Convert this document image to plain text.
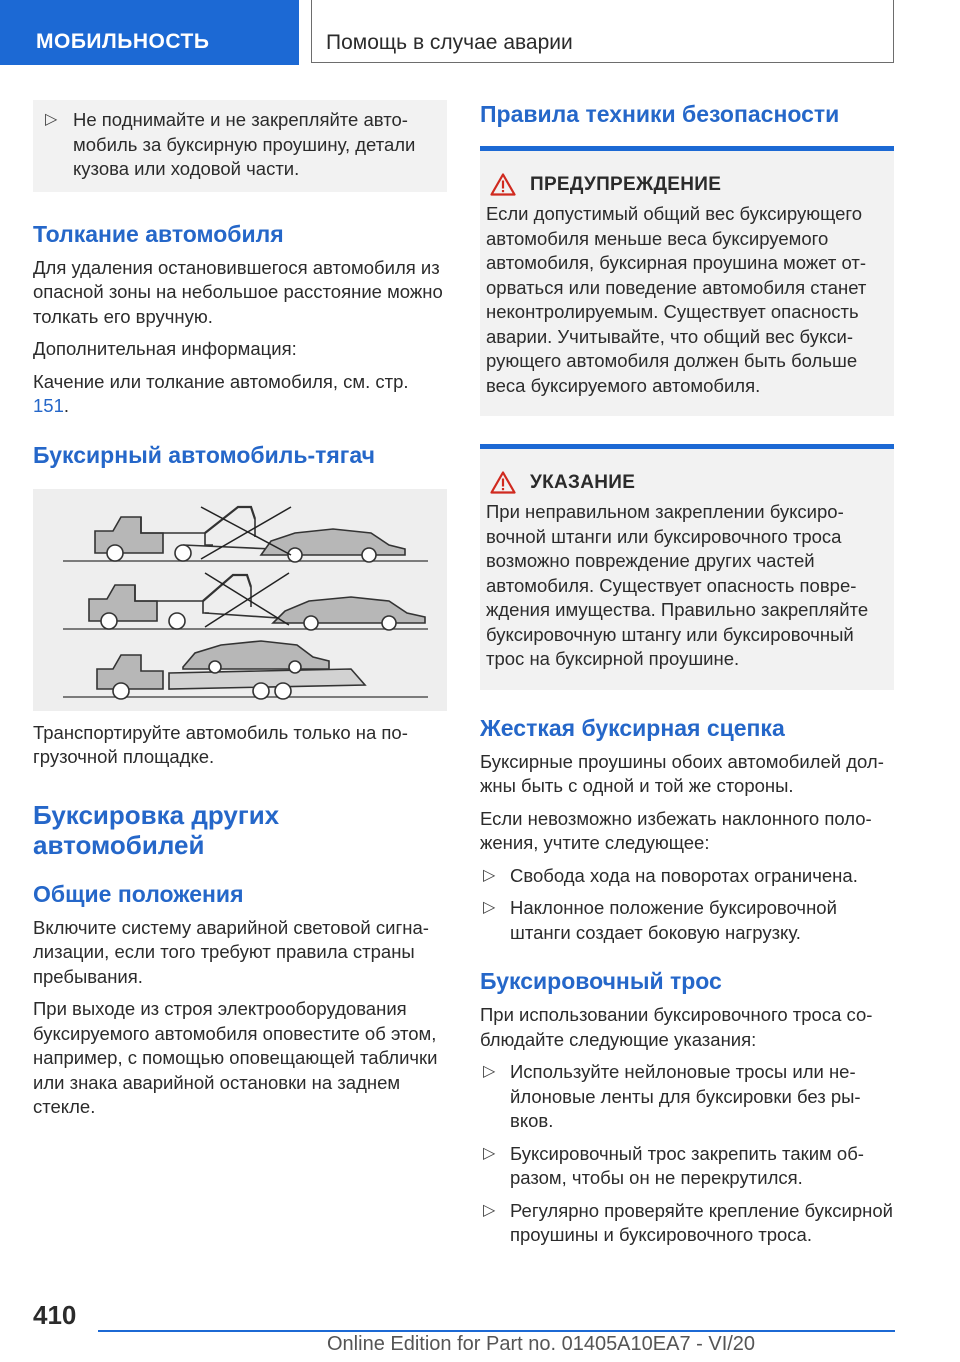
МОБИЛЬНОСТЬ	Помощь в случае аварии
▷ Не поднимайте и не закрепляйте автомобиль за буксирную проушину, детали кузова или ходовой части.
Толкание автомобиля

Для удаления остановившегося автомобиля из опасной зоны на небольшое расстояние можно толкать его вручную.

Дополнительная информация:

Качение или толкание автомобиля, см. стр. 151.

Буксирный автомобиль-тягач

Транспортируйте автомобиль только на погрузочной площадке.

Буксировка других автомобилей
Общие положения

Включите систему аварийной световой сигнализации, если того требуют правила страны пребывания.

При выходе из строя электрооборудования буксируемого автомобиля оповестите об этом, например, с помощью оповещающей таблички или знака аварийной остановки на заднем стекле.

Правила техники безопасности
ПРЕДУПРЕЖДЕНИЕ

Если допустимый общий вес буксирующего автомобиля меньше веса буксируемого автомобиля, буксирная проушина может оторваться или поведение автомобиля станет неконтролируемым. Существует опасность аварии. Учитывайте, что общий вес буксирующего автомобиля должен быть больше веса буксируемого автомобиля.

УКАЗАНИЕ

При неправильном закреплении буксировочной штанги или буксировочного троса возможно повреждение других частей автомобиля. Существует опасность повреждения имущества. Правильно закрепляйте буксировочную штангу или буксировочный трос на буксирной проушине.

Жесткая буксирная сцепка

Буксирные проушины обоих автомобилей должны быть с одной и той же стороны.

Если невозможно избежать наклонного положения, учтите следующее:

▷ Свобода хода на поворотах ограничена.
▷ Наклонное положение буксировочной штанги создает боковую нагрузку.
Буксировочный трос

При использовании буксировочного троса соблюдайте следующие указания:

▷ Используйте нейлоновые тросы или нейлоновые ленты для буксировки без рывков.
▷ Буксировочный трос закрепить таким образом, чтобы он не перекрутился.
▷ Регулярно проверяйте крепление буксирной проушины и буксировочного троса.
410
Online Edition for Part no. 01405A10EA7 - VI/20
